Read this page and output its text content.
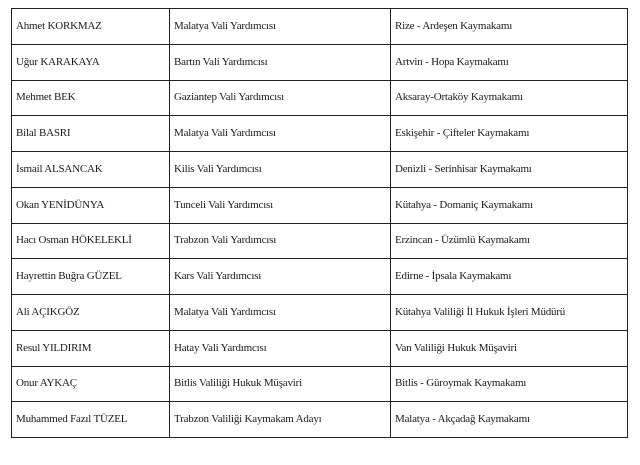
Ahmet KORKMAZ	Malatya Vali Yardımcısı	Rize - Ardeşen Kaymakamı
Uğur KARAKAYA	Bartın Vali Yardımcısı	Artvin - Hopa Kaymakamı
Mehmet BEK	Gaziantep Vali Yardımcısı	Aksaray-Ortaköy Kaymakamı
Bilal BASRI	Malatya Vali Yardımcısı	Eskişehir - Çifteler Kaymakamı
İsmail ALSANCAK	Kilis Vali Yardımcısı	Denizli - Serinhisar Kaymakamı
Okan YENİDÜNYA	Tunceli Vali Yardımcısı	Kütahya - Domaniç Kaymakamı
Hacı Osman HÖKELEKLİ	Trabzon Vali Yardımcısı	Erzincan - Üzümlü Kaymakamı
Hayrettin Buğra GÜZEL	Kars Vali Yardımcısı	Edirne - İpsala Kaymakamı
Ali AÇIKGÖZ	Malatya Vali Yardımcısı	Kütahya Valiliği İl Hukuk İşleri Müdürü
Resul YILDIRIM	Hatay Vali Yardımcısı	Van Valiliği Hukuk Müşaviri
Onur AYKAÇ	Bitlis Valiliği Hukuk Müşaviri	Bitlis - Güroymak Kaymakamı
Muhammed Fazıl TÜZEL	Trabzon Valiliği Kaymakam Adayı	Malatya - Akçadağ Kaymakamı
